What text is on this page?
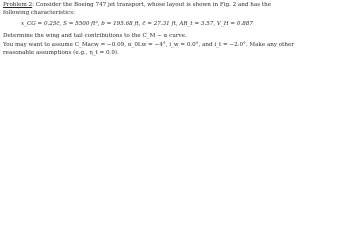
Problem 2: Consider the Boeing 747 jet transport, whose layout is shown in Fig. 2 and has the
following characteristics:
x_CG = 0.25c̄, S = 5500 ft², b = 195.68 ft, c̄ = 27.31 ft, AR_t = 3.57, V_H = 0.887
Determine the wing and tail contributions to the C_M − α curve.
You may want to assume C_Macw = −0.09, α_0Lw = −4°, i_w = 0.0°, and i_t = −2.0°. Make any other
reasonable assumptions (e.g., η_t = 0.9).
